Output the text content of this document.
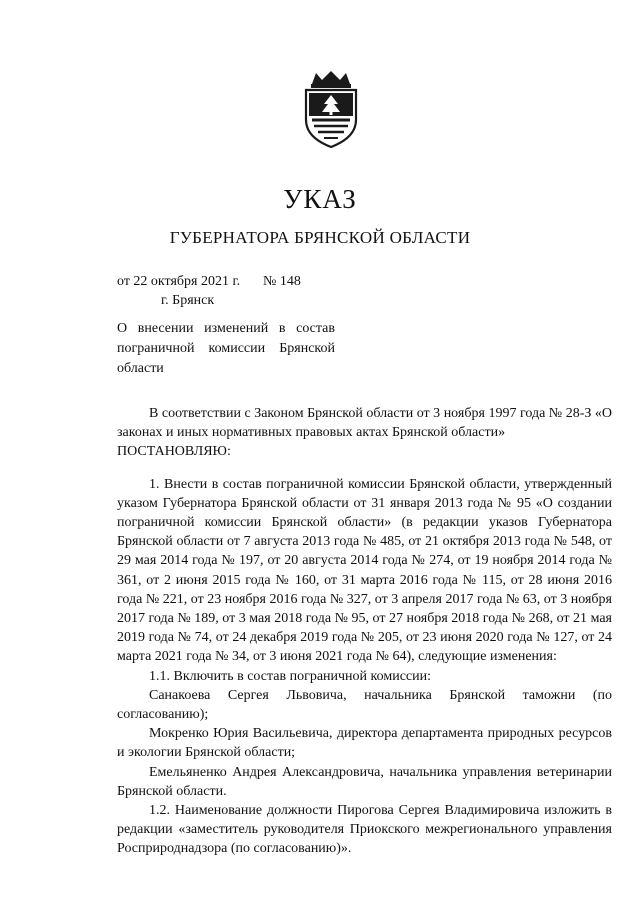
УКАЗ
ГУБЕРНАТОРА БРЯНСКОЙ ОБЛАСТИ
от 22 октября 2021 г. № 148
г. Брянск
О внесении изменений в состав пограничной комиссии Брянской области

В соответствии с Законом Брянской области от 3 ноября 1997 года № 28-З «О законах и иных нормативных правовых актах Брянской области»

ПОСТАНОВЛЯЮ:

1. Внести в состав пограничной комиссии Брянской области, утвержденный указом Губернатора Брянской области от 31 января 2013 года № 95 «О создании пограничной комиссии Брянской области» (в редакции указов Губернатора Брянской области от 7 августа 2013 года № 485, от 21 октября 2013 года № 548, от 29 мая 2014 года № 197, от 20 августа 2014 года № 274, от 19 ноября 2014 года № 361, от 2 июня 2015 года № 160, от 31 марта 2016 года № 115, от 28 июня 2016 года № 221, от 23 ноября 2016 года № 327, от 3 апреля 2017 года № 63, от 3 ноября 2017 года № 189, от 3 мая 2018 года № 95, от 27 ноября 2018 года № 268, от 21 мая 2019 года № 74, от 24 декабря 2019 года № 205, от 23 июня 2020 года № 127, от 24 марта 2021 года № 34, от 3 июня 2021 года № 64), следующие изменения:

1.1. Включить в состав пограничной комиссии:

Санакоева Сергея Львовича, начальника Брянской таможни (по согласованию);

Мокренко Юрия Васильевича, директора департамента природных ресурсов и экологии Брянской области;

Емельяненко Андрея Александровича, начальника управления ветеринарии Брянской области.

1.2. Наименование должности Пирогова Сергея Владимировича изложить в редакции «заместитель руководителя Приокского межрегионального управления Росприроднадзора (по согласованию)».
